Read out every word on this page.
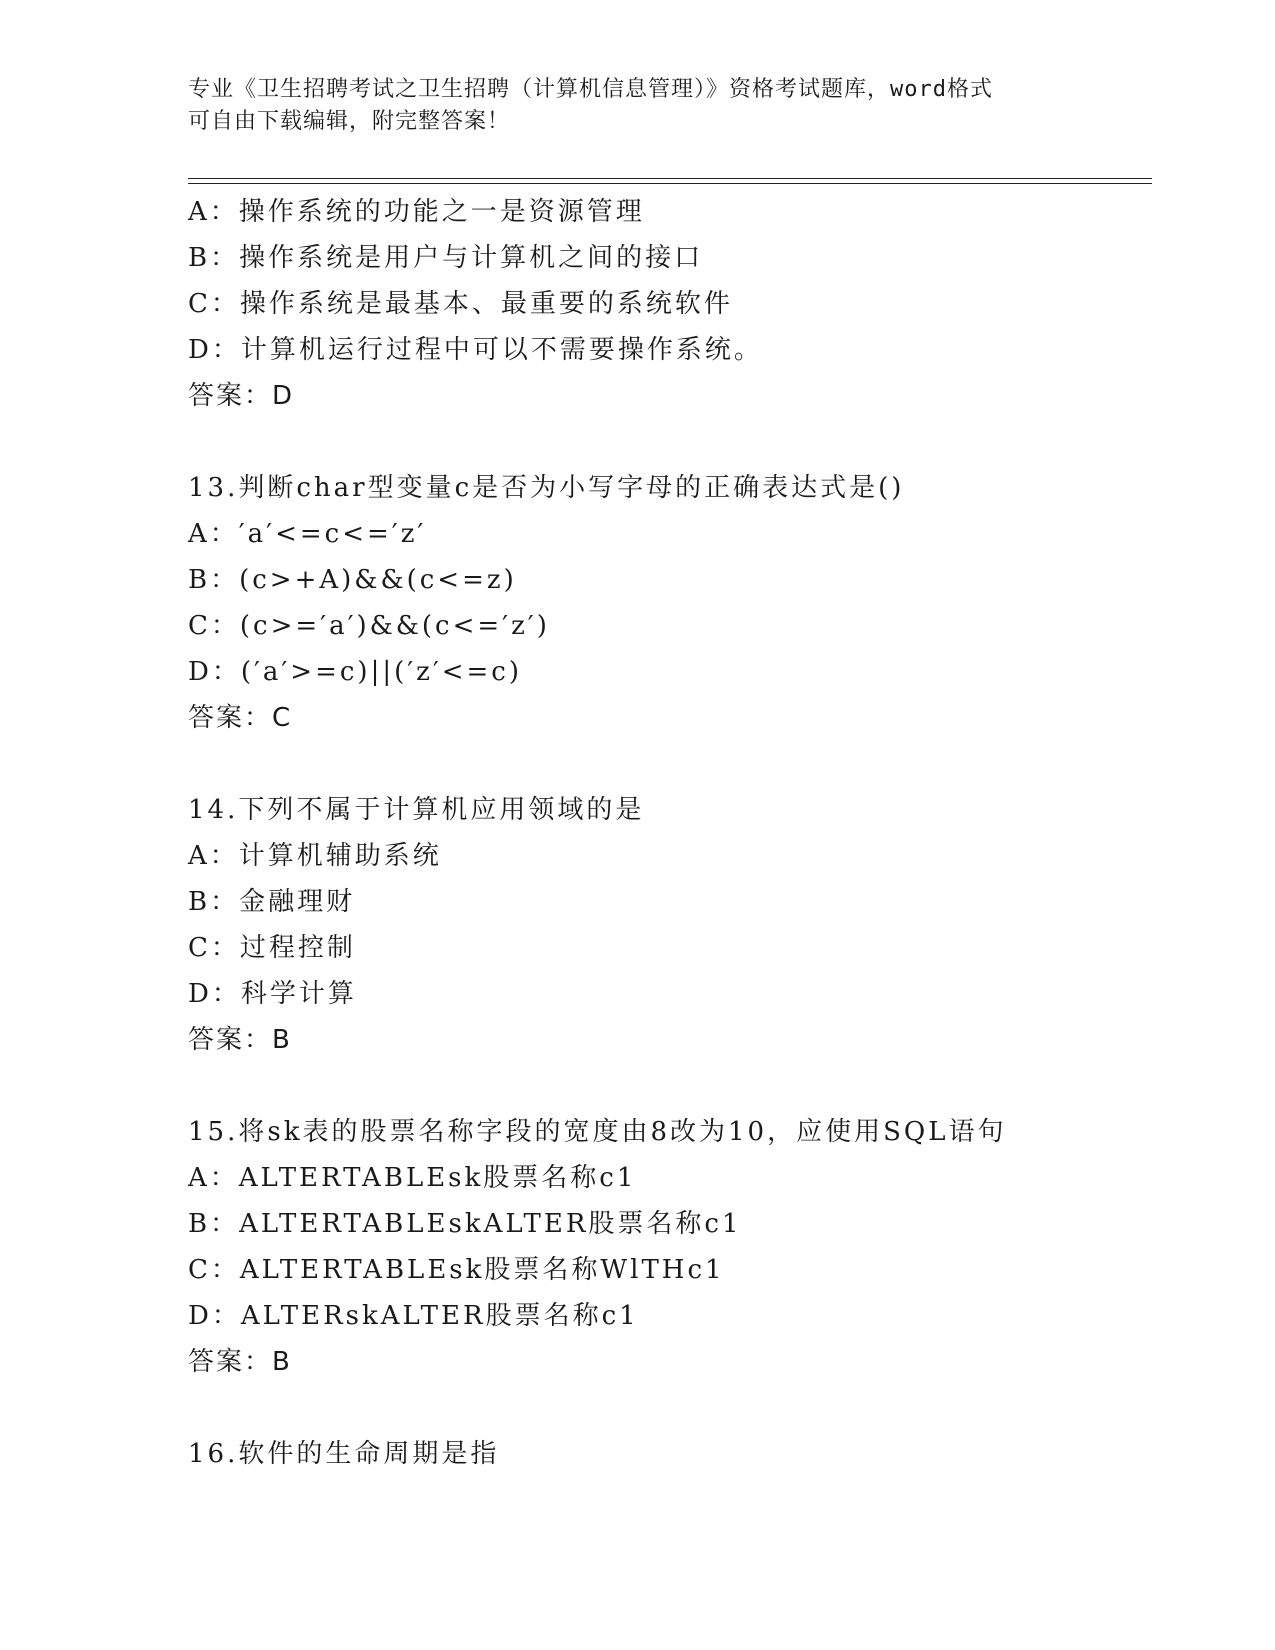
专业《卫生招聘考试之卫生招聘（计算机信息管理）》资格考试题库，word格式
可自由下载编辑，附完整答案！
A：操作系统的功能之一是资源管理
B：操作系统是用户与计算机之间的接口
C：操作系统是最基本、最重要的系统软件
D：计算机运行过程中可以不需要操作系统。
答案：D
13.判断char型变量c是否为小写字母的正确表达式是()
A：′a′<=c<=′z′
B：(c>+A)&&(c<=z)
C：(c>=′a′)&&(c<=′z′)
D：(′a′>=c)||(′z′<=c)
答案：C
14.下列不属于计算机应用领域的是
A：计算机辅助系统
B：金融理财
C：过程控制
D：科学计算
答案：B
15.将sk表的股票名称字段的宽度由8改为10，应使用SQL语句
A：ALTERTABLEsk股票名称c1
B：ALTERTABLEskALTER股票名称c1
C：ALTERTABLEsk股票名称WlTHc1
D：ALTERskALTER股票名称c1
答案：B
16.软件的生命周期是指
